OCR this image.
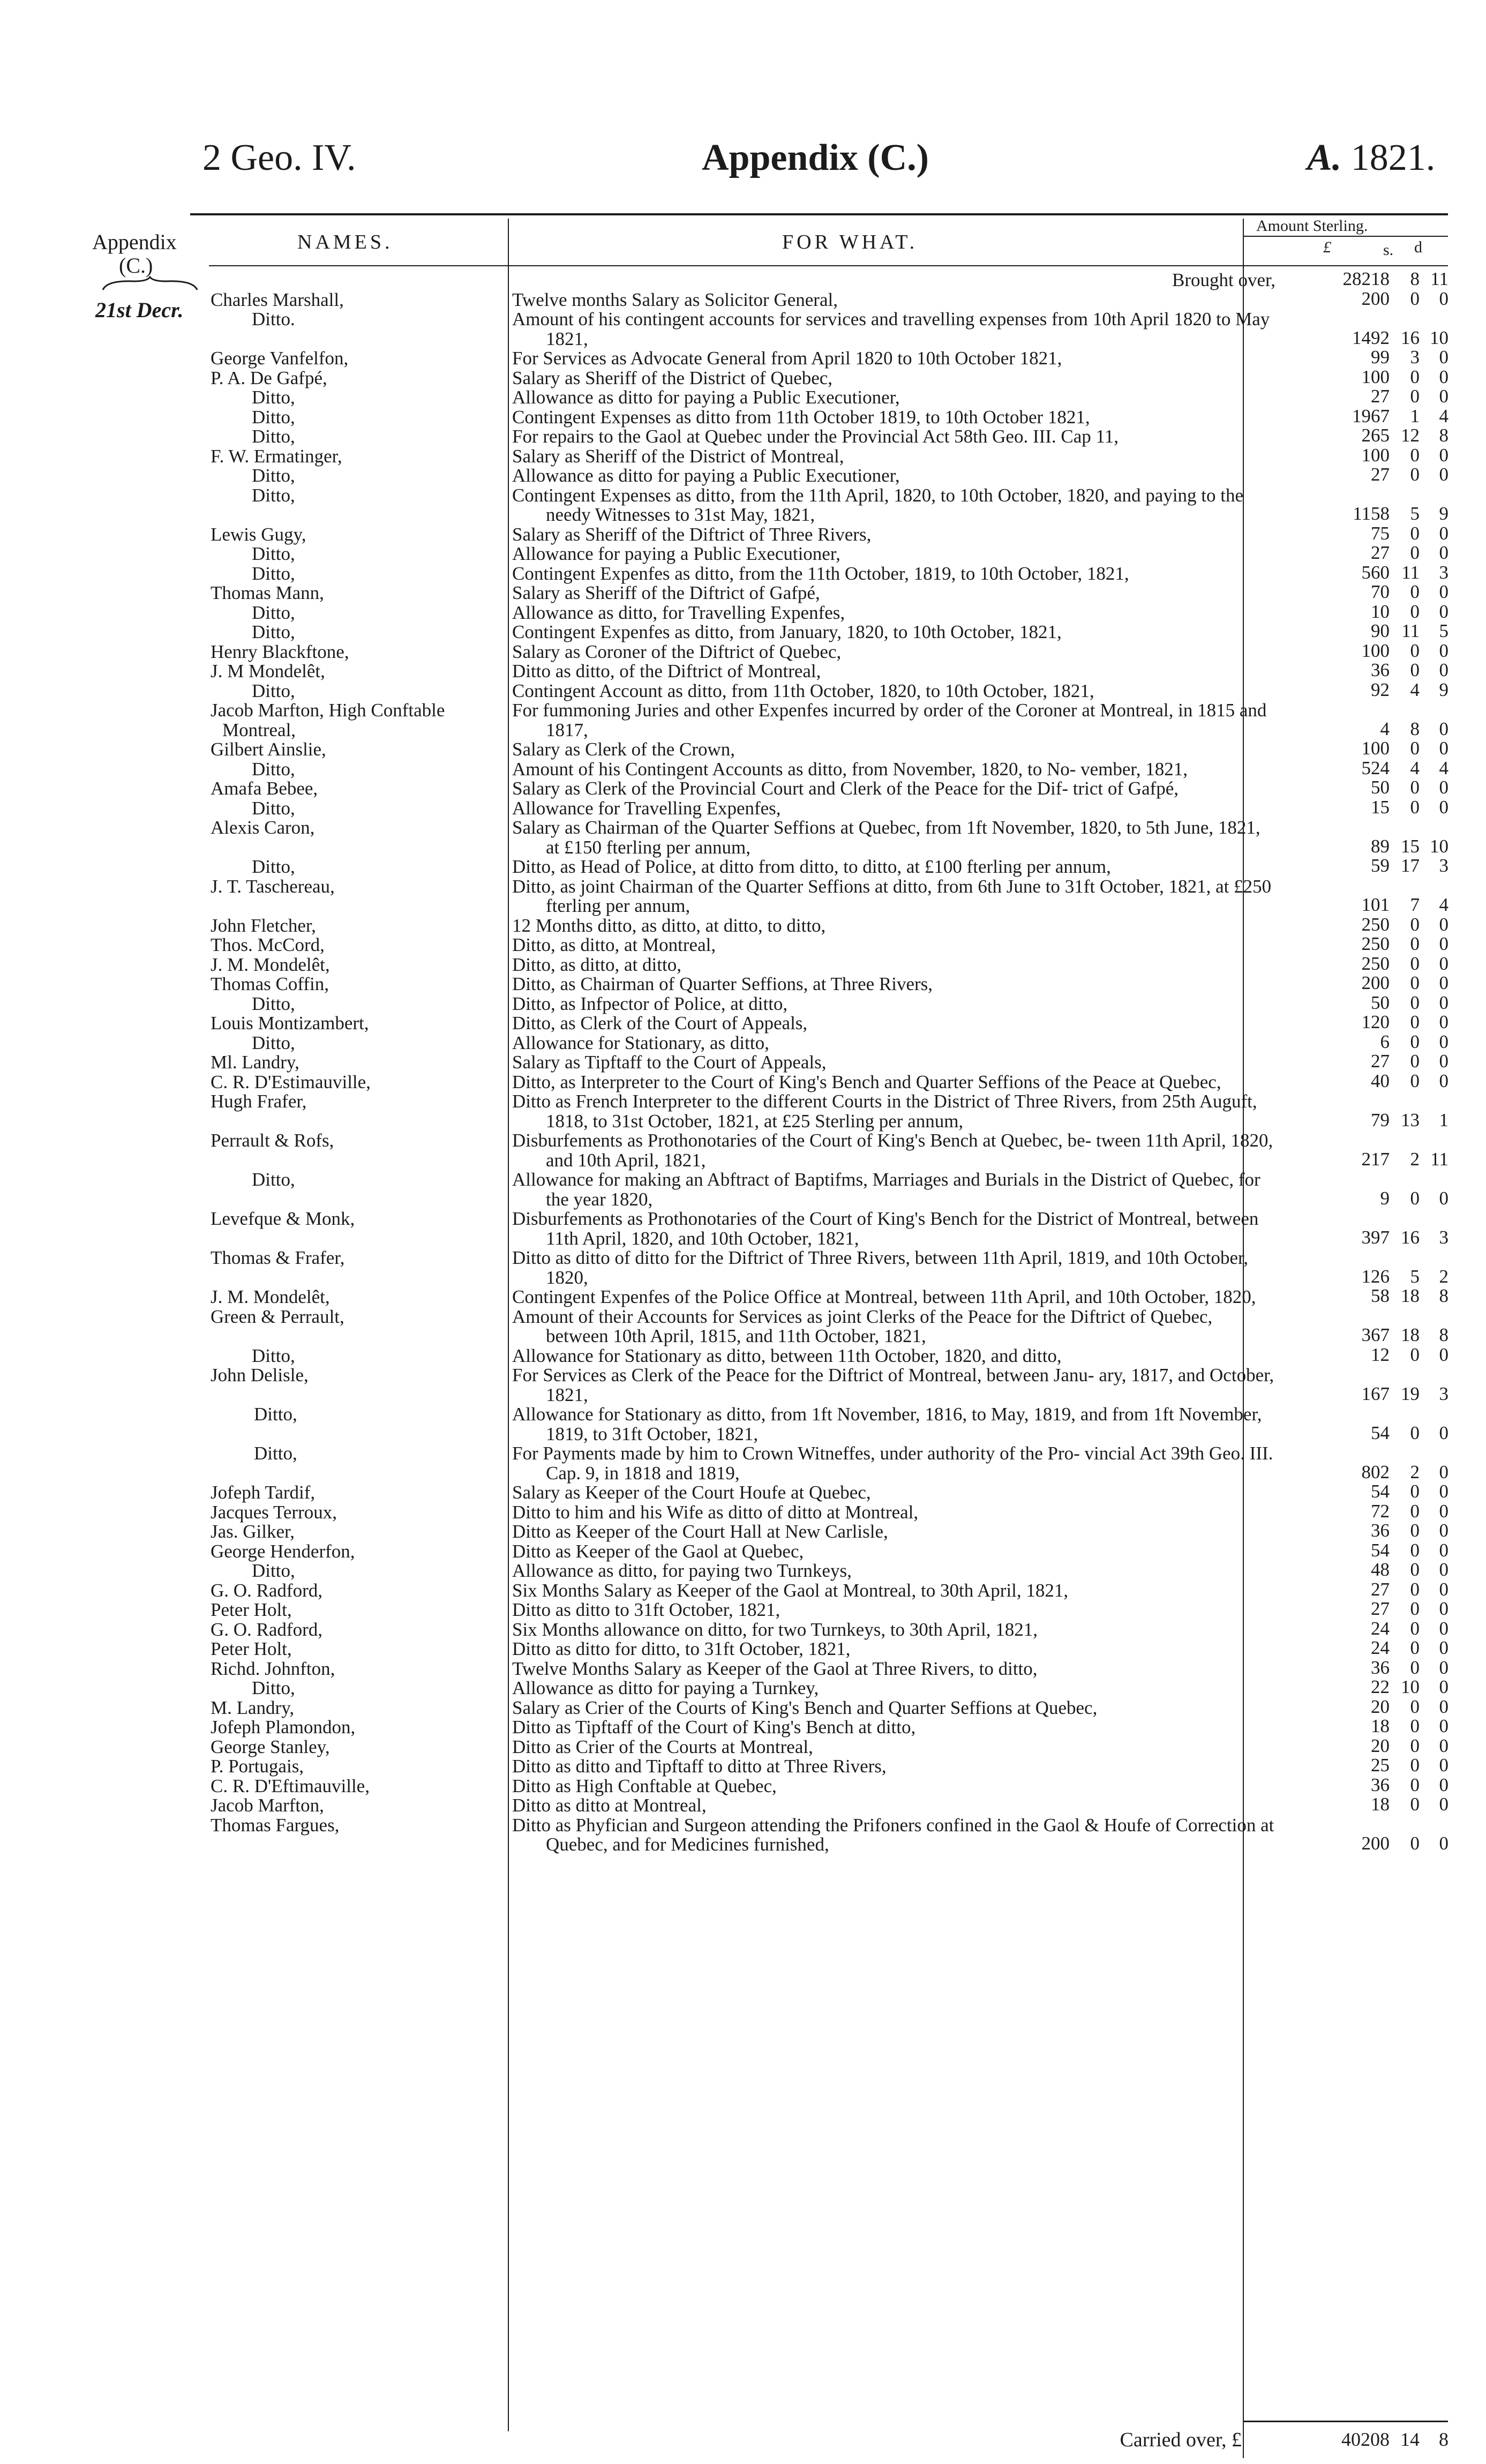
2 Geo. IV.	Appendix (C.)	A. 1821.
NAMES.	FOR WHAT.
Amount Sterling.
£	s. d
Appendix
(C.)
21st Decr.
Brought over,	28218	8 11
Charles Marshall,	Twelve months Salary as Solicitor General,	200	0	0
Ditto.	Amount of his contingent accounts for services and travelling expenses from 10th April 1820 to May 1821,	1492 16 10
George Vanfelfon,	For Services as Advocate General from April 1820 to 10th October 1821,	99	3	0
P. A. De Gafpé,	Salary as Sheriff of the District of Quebec,	100	0	0
Ditto,	Allowance as ditto for paying a Public Executioner,	27	0	0
Ditto,	Contingent Expenses as ditto from 11th October 1819, to 10th October 1821,	1967	1	4
Ditto,	For repairs to the Gaol at Quebec under the Provincial Act 58th Geo. III. Cap 11,	265 12	8
F. W. Ermatinger,	Salary as Sheriff of the District of Montreal,	100	0	0
Ditto,	Allowance as ditto for paying a Public Executioner,	27	0	0
Ditto,	Contingent Expenses as ditto, from the 11th April, 1820, to 10th October, 1820, and paying to the needy Witnesses to 31st May, 1821,	1158	5	9
Lewis Gugy,	Salary as Sheriff of the Diftrict of Three Rivers,	75	0	0
Ditto,	Allowance for paying a Public Executioner,	27	0	0
Ditto,	Contingent Expenfes as ditto, from the 11th October, 1819, to 10th October, 1821,	560 11	3
Thomas Mann,	Salary as Sheriff of the Diftrict of Gafpé,	70	0	0
Ditto,	Allowance as ditto, for Travelling Expenfes,	10	0	0
Ditto,	Contingent Expenfes as ditto, from January, 1820, to 10th October, 1821,	90 11	5
Henry Blackftone,	Salary as Coroner of the Diftrict of Quebec,	100	0	0
J. M Mondelêt,	Ditto as ditto, of the Diftrict of Montreal,	36	0	0
Ditto,	Contingent Account as ditto, from 11th October, 1820, to 10th October, 1821,	92	4	9
Jacob Marfton, High Conftable
Montreal,
For fummoning Juries and other Expenfes incurred by order of the Coroner at Montreal, in 1815 and 1817,	4	8	0
Gilbert Ainslie,	Salary as Clerk of the Crown,	100	0	0
Ditto,	Amount of his Contingent Accounts as ditto, from November, 1820, to No- vember, 1821,	524	4	4
Amafa Bebee,	Salary as Clerk of the Provincial Court and Clerk of the Peace for the Dif- trict of Gafpé,	50	0	0
Ditto,	Allowance for Travelling Expenfes,	15	0	0
Alexis Caron,	Salary as Chairman of the Quarter Seffions at Quebec, from 1ft November, 1820, to 5th June, 1821, at £150 fterling per annum,	89 15 10
Ditto,	Ditto, as Head of Police, at ditto from ditto, to ditto, at £100 fterling per annum,	59 17	3
J. T. Taschereau,	Ditto, as joint Chairman of the Quarter Seffions at ditto, from 6th June to 31ft October, 1821, at £250 fterling per annum,	101	7	4
John Fletcher,	12 Months ditto, as ditto, at ditto, to ditto,	250	0	0
Thos. McCord,	Ditto, as ditto, at Montreal,	250	0	0
J. M. Mondelêt,	Ditto, as ditto, at ditto,	250	0	0
Thomas Coffin,	Ditto, as Chairman of Quarter Seffions, at Three Rivers,	200	0	0
Ditto,	Ditto, as Infpector of Police, at ditto,	50	0	0
Louis Montizambert,	Ditto, as Clerk of the Court of Appeals,	120	0	0
Ditto,	Allowance for Stationary, as ditto,	6	0	0
Ml. Landry,	Salary as Tipftaff to the Court of Appeals,	27	0	0
C. R. D'Estimauville,	Ditto, as Interpreter to the Court of King's Bench and Quarter Seffions of the Peace at Quebec,	40	0	0
Hugh Frafer,	Ditto as French Interpreter to the different Courts in the District of Three Rivers, from 25th Auguft, 1818, to 31st October, 1821, at £25 Sterling per annum,	79 13	1
Perrault & Rofs,	Disburfements as Prothonotaries of the Court of King's Bench at Quebec, be- tween 11th April, 1820, and 10th April, 1821,	217	2 11
Ditto,	Allowance for making an Abftract of Baptifms, Marriages and Burials in the District of Quebec, for the year 1820,	9	0	0
Levefque & Monk,	Disburfements as Prothonotaries of the Court of King's Bench for the District of Montreal, between 11th April, 1820, and 10th October, 1821,	397 16	3
Thomas & Frafer,	Ditto as ditto of ditto for the Diftrict of Three Rivers, between 11th April, 1819, and 10th October, 1820,	126	5	2
J. M. Mondelêt,	Contingent Expenfes of the Police Office at Montreal, between 11th April, and 10th October, 1820,	58 18	8
Green & Perrault,	Amount of their Accounts for Services as joint Clerks of the Peace for the Diftrict of Quebec, between 10th April, 1815, and 11th October, 1821,	367 18	8
Ditto,	Allowance for Stationary as ditto, between 11th October, 1820, and ditto,	12	0	0
John Delisle,	For Services as Clerk of the Peace for the Diftrict of Montreal, between Janu- ary, 1817, and October, 1821,	167 19	3
Ditto,	Allowance for Stationary as ditto, from 1ft November, 1816, to May, 1819, and from 1ft November, 1819, to 31ft October, 1821,	54	0	0
Ditto,	For Payments made by him to Crown Witneffes, under authority of the Pro- vincial Act 39th Geo. III. Cap. 9, in 1818 and 1819,	802	2	0
Jofeph Tardif,	Salary as Keeper of the Court Houfe at Quebec,	54	0	0
Jacques Terroux,	Ditto to him and his Wife as ditto of ditto at Montreal,	72	0	0
Jas. Gilker,	Ditto as Keeper of the Court Hall at New Carlisle,	36	0	0
George Henderfon,	Ditto as Keeper of the Gaol at Quebec,	54	0	0
Ditto,	Allowance as ditto, for paying two Turnkeys,	48	0	0
G. O. Radford,	Six Months Salary as Keeper of the Gaol at Montreal, to 30th April, 1821,	27	0	0
Peter Holt,	Ditto as ditto to 31ft October, 1821,	27	0	0
G. O. Radford,	Six Months allowance on ditto, for two Turnkeys, to 30th April, 1821,	24	0	0
Peter Holt,	Ditto as ditto for ditto, to 31ft October, 1821,	24	0	0
Richd. Johnfton,	Twelve Months Salary as Keeper of the Gaol at Three Rivers, to ditto,	36	0	0
Ditto,	Allowance as ditto for paying a Turnkey,	22 10	0
M. Landry,	Salary as Crier of the Courts of King's Bench and Quarter Seffions at Quebec,	20	0	0
Jofeph Plamondon,	Ditto as Tipftaff of the Court of King's Bench at ditto,	18	0	0
George Stanley,	Ditto as Crier of the Courts at Montreal,	20	0	0
P. Portugais,	Ditto as ditto and Tipftaff to ditto at Three Rivers,	25	0	0
C. R. D'Eftimauville,	Ditto as High Conftable at Quebec,	36	0	0
Jacob Marfton,	Ditto as ditto at Montreal,	18	0	0
Thomas Fargues,	Ditto as Phyfician and Surgeon attending the Prifoners confined in the Gaol & Houfe of Correction at Quebec, and for Medicines furnished,	200	0	0
Carried over, £	40208 14	8
